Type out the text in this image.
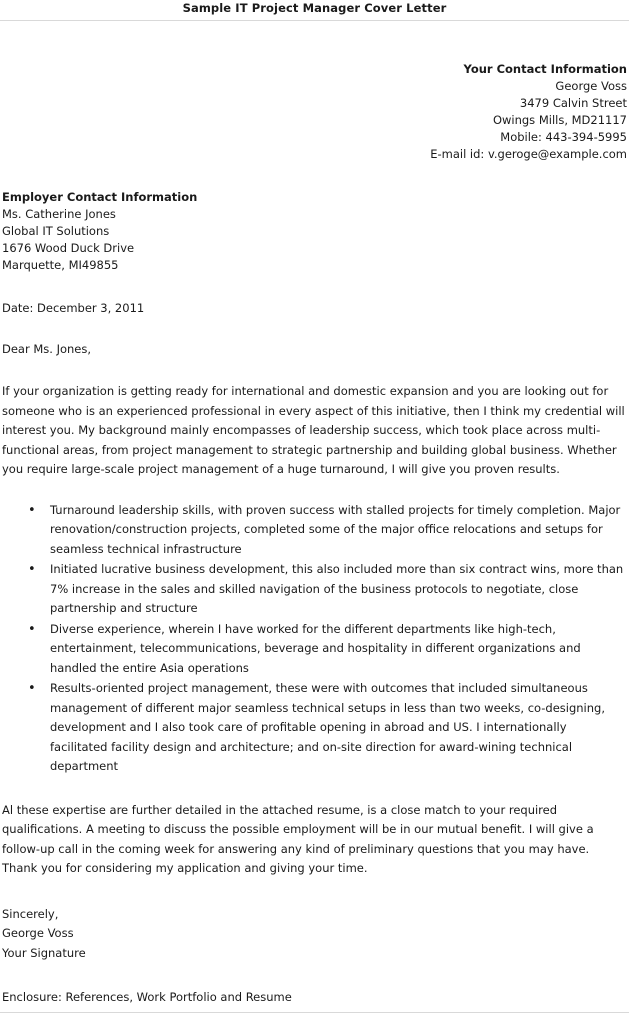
Sample IT Project Manager Cover Letter
Your Contact Information
George Voss
3479 Calvin Street
Owings Mills, MD21117
Mobile: 443-394-5995
E-mail id: v.geroge@example.com
Employer Contact Information
Ms. Catherine Jones
Global IT Solutions
1676 Wood Duck Drive
Marquette, MI49855
Date: December 3, 2011
Dear Ms. Jones,

If your organization is getting ready for international and domestic expansion and you are looking out for someone who is an experienced professional in every aspect of this initiative, then I think my credential will interest you. My background mainly encompasses of leadership success, which took place across multi-functional areas, from project management to strategic partnership and building global business. Whether you require large-scale project management of a huge turnaround, I will give you proven results.

• Turnaround leadership skills, with proven success with stalled projects for timely completion. Major renovation/construction projects, completed some of the major office relocations and setups for seamless technical infrastructure
• Initiated lucrative business development, this also included more than six contract wins, more than 7% increase in the sales and skilled navigation of the business protocols to negotiate, close partnership and structure
• Diverse experience, wherein I have worked for the different departments like high-tech, entertainment, telecommunications, beverage and hospitality in different organizations and handled the entire Asia operations
• Results-oriented project management, these were with outcomes that included simultaneous management of different major seamless technical setups in less than two weeks, co-designing, development and I also took care of profitable opening in abroad and US. I internationally facilitated facility design and architecture; and on-site direction for award-wining technical department

Al these expertise are further detailed in the attached resume, is a close match to your required qualifications. A meeting to discuss the possible employment will be in our mutual benefit. I will give a follow-up call in the coming week for answering any kind of preliminary questions that you may have. Thank you for considering my application and giving your time.

Sincerely,
George Voss
Your Signature
Enclosure: References, Work Portfolio and Resume
